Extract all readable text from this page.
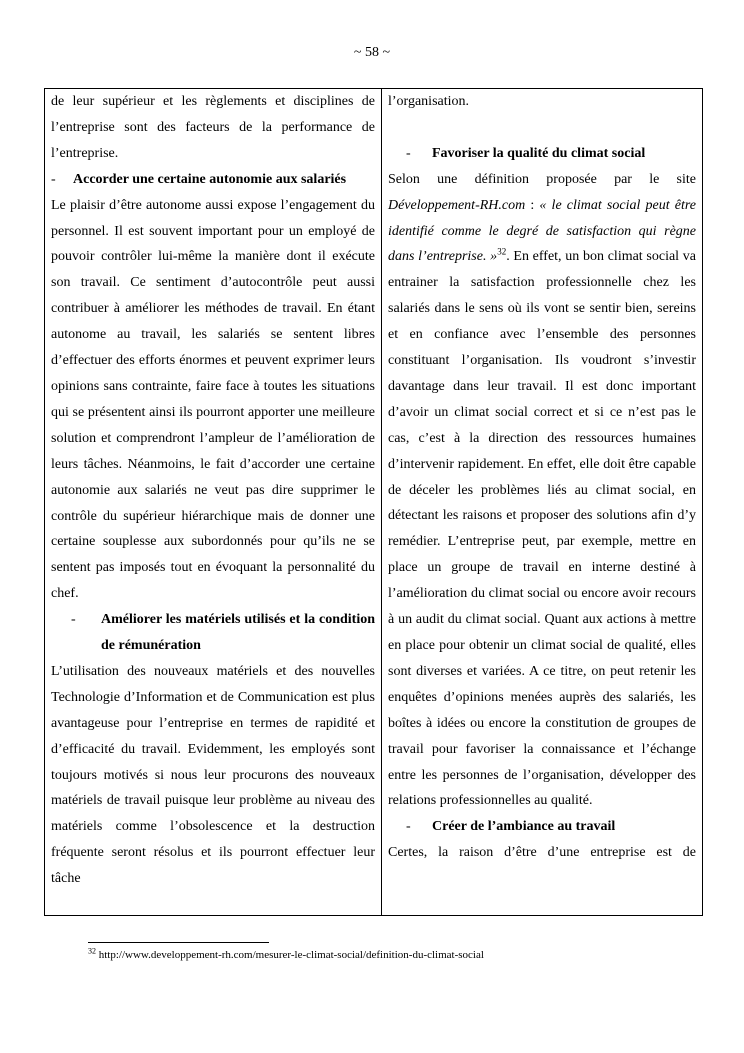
~ 58 ~

de leur supérieur et les règlements et disciplines de l’entreprise sont des facteurs de la performance de l’entreprise.

-	Accorder une certaine autonomie aux salariés

Le plaisir d’être autonome aussi expose l’engagement du personnel. Il est souvent important pour un employé de pouvoir contrôler lui-même la manière dont il exécute son travail. Ce sentiment d’autocontrôle peut aussi contribuer à améliorer les méthodes de travail. En étant autonome au travail, les salariés se sentent libres d’effectuer des efforts énormes et peuvent exprimer leurs opinions sans contrainte, faire face à toutes les situations qui se présentent ainsi ils pourront apporter une meilleure solution et comprendront l’ampleur de l’amélioration de leurs tâches. Néanmoins, le fait d’accorder une certaine autonomie aux salariés ne veut pas dire supprimer le contrôle du supérieur hiérarchique mais de donner une certaine souplesse aux subordonnés pour qu’ils ne se sentent pas imposés tout en évoquant la personnalité du chef.

-	Améliorer les matériels utilisés et la condition de rémunération

L’utilisation des nouveaux matériels et des nouvelles Technologie d’Information et de Communication est plus avantageuse pour l’entreprise en termes de rapidité et d’efficacité du travail. Evidemment, les employés sont toujours motivés si nous leur procurons des nouveaux matériels de travail puisque leur problème au niveau des matériels comme l’obsolescence et la destruction fréquente seront résolus et ils pourront effectuer leur tâche

l’organisation.

-	Favoriser la qualité du climat social

Selon une définition proposée par le site Développement-RH.com : « le climat social peut être identifié comme le degré de satisfaction qui règne dans l’entreprise. »$^{32}$. En effet, un bon climat social va entrainer la satisfaction professionnelle chez les salariés dans le sens où ils vont se sentir bien, sereins et en confiance avec l’ensemble des personnes constituant l’organisation. Ils voudront s’investir davantage dans leur travail. Il est donc important d’avoir un climat social correct et si ce n’est pas le cas, c’est à la direction des ressources humaines d’intervenir rapidement. En effet, elle doit être capable de déceler les problèmes liés au climat social, en détectant les raisons et proposer des solutions afin d’y remédier. L’entreprise peut, par exemple, mettre en place un groupe de travail en interne destiné à l’amélioration du climat social ou encore avoir recours à un audit du climat social. Quant aux actions à mettre en place pour obtenir un climat social de qualité, elles sont diverses et variées. A ce titre, on peut retenir les enquêtes d’opinions menées auprès des salariés, les boîtes à idées ou encore la constitution de groupes de travail pour favoriser la connaissance et l’échange entre les personnes de l’organisation, développer des relations professionnelles au qualité.

-	Créer de l’ambiance au travail

Certes, la raison d’être d’une entreprise est de

$^{32}$ http://www.developpement-rh.com/mesurer-le-climat-social/definition-du-climat-social
